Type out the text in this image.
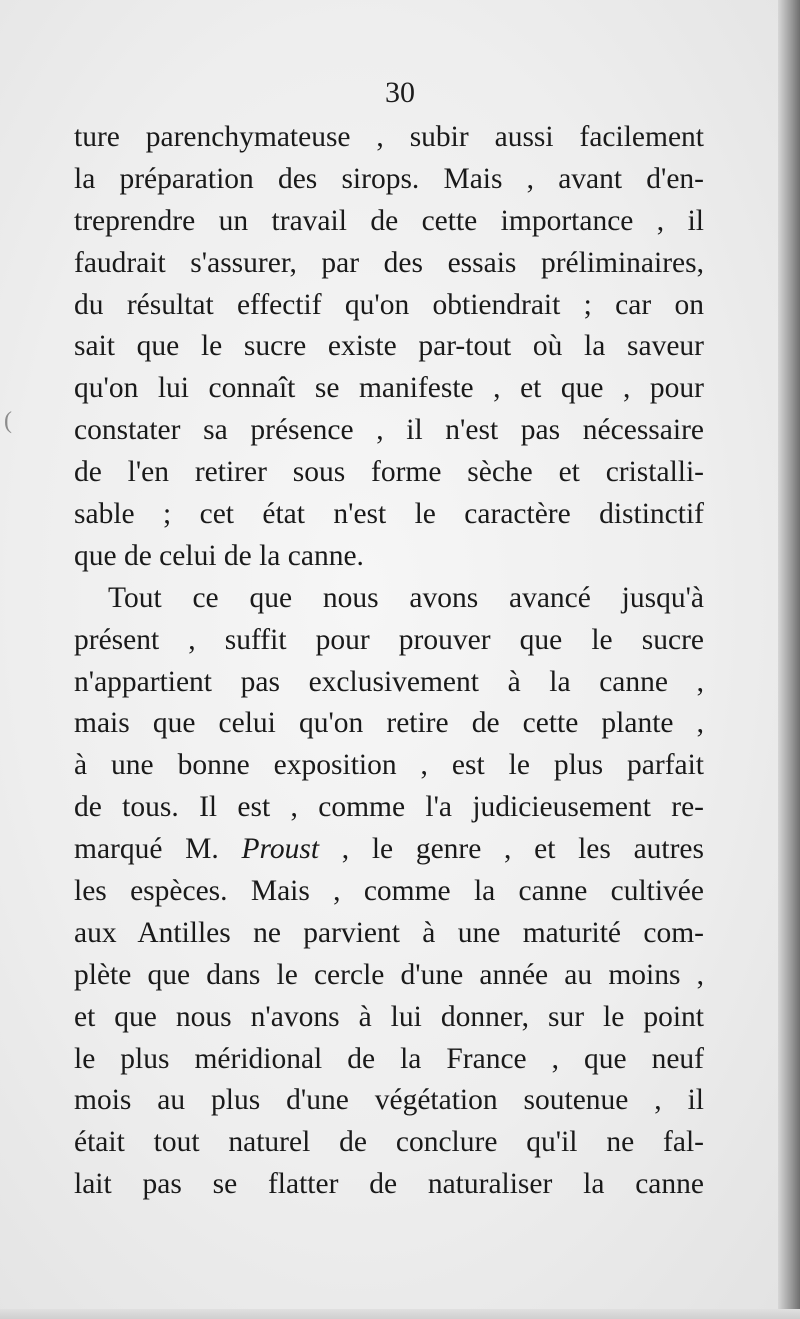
30
(
ture parenchymateuse , subir aussi facilement
la préparation des sirops. Mais , avant d'en-
treprendre un travail de cette importance , il
faudrait s'assurer, par des essais préliminaires,
du résultat effectif qu'on obtiendrait ; car on
sait que le sucre existe par-tout où la saveur
qu'on lui connaît se manifeste , et que , pour
constater sa présence , il n'est pas nécessaire
de l'en retirer sous forme sèche et cristalli-
sable ; cet état n'est le caractère distinctif
que de celui de la canne.
Tout ce que nous avons avancé jusqu'à
présent , suffit pour prouver que le sucre
n'appartient pas exclusivement à la canne ,
mais que celui qu'on retire de cette plante ,
à une bonne exposition , est le plus parfait
de tous. Il est , comme l'a judicieusement re-
marqué M. Proust , le genre , et les autres
les espèces. Mais , comme la canne cultivée
aux Antilles ne parvient à une maturité com-
plète que dans le cercle d'une année au moins ,
et que nous n'avons à lui donner, sur le point
le plus méridional de la France , que neuf
mois au plus d'une végétation soutenue , il
était tout naturel de conclure qu'il ne fal-
lait pas se flatter de naturaliser la canne
